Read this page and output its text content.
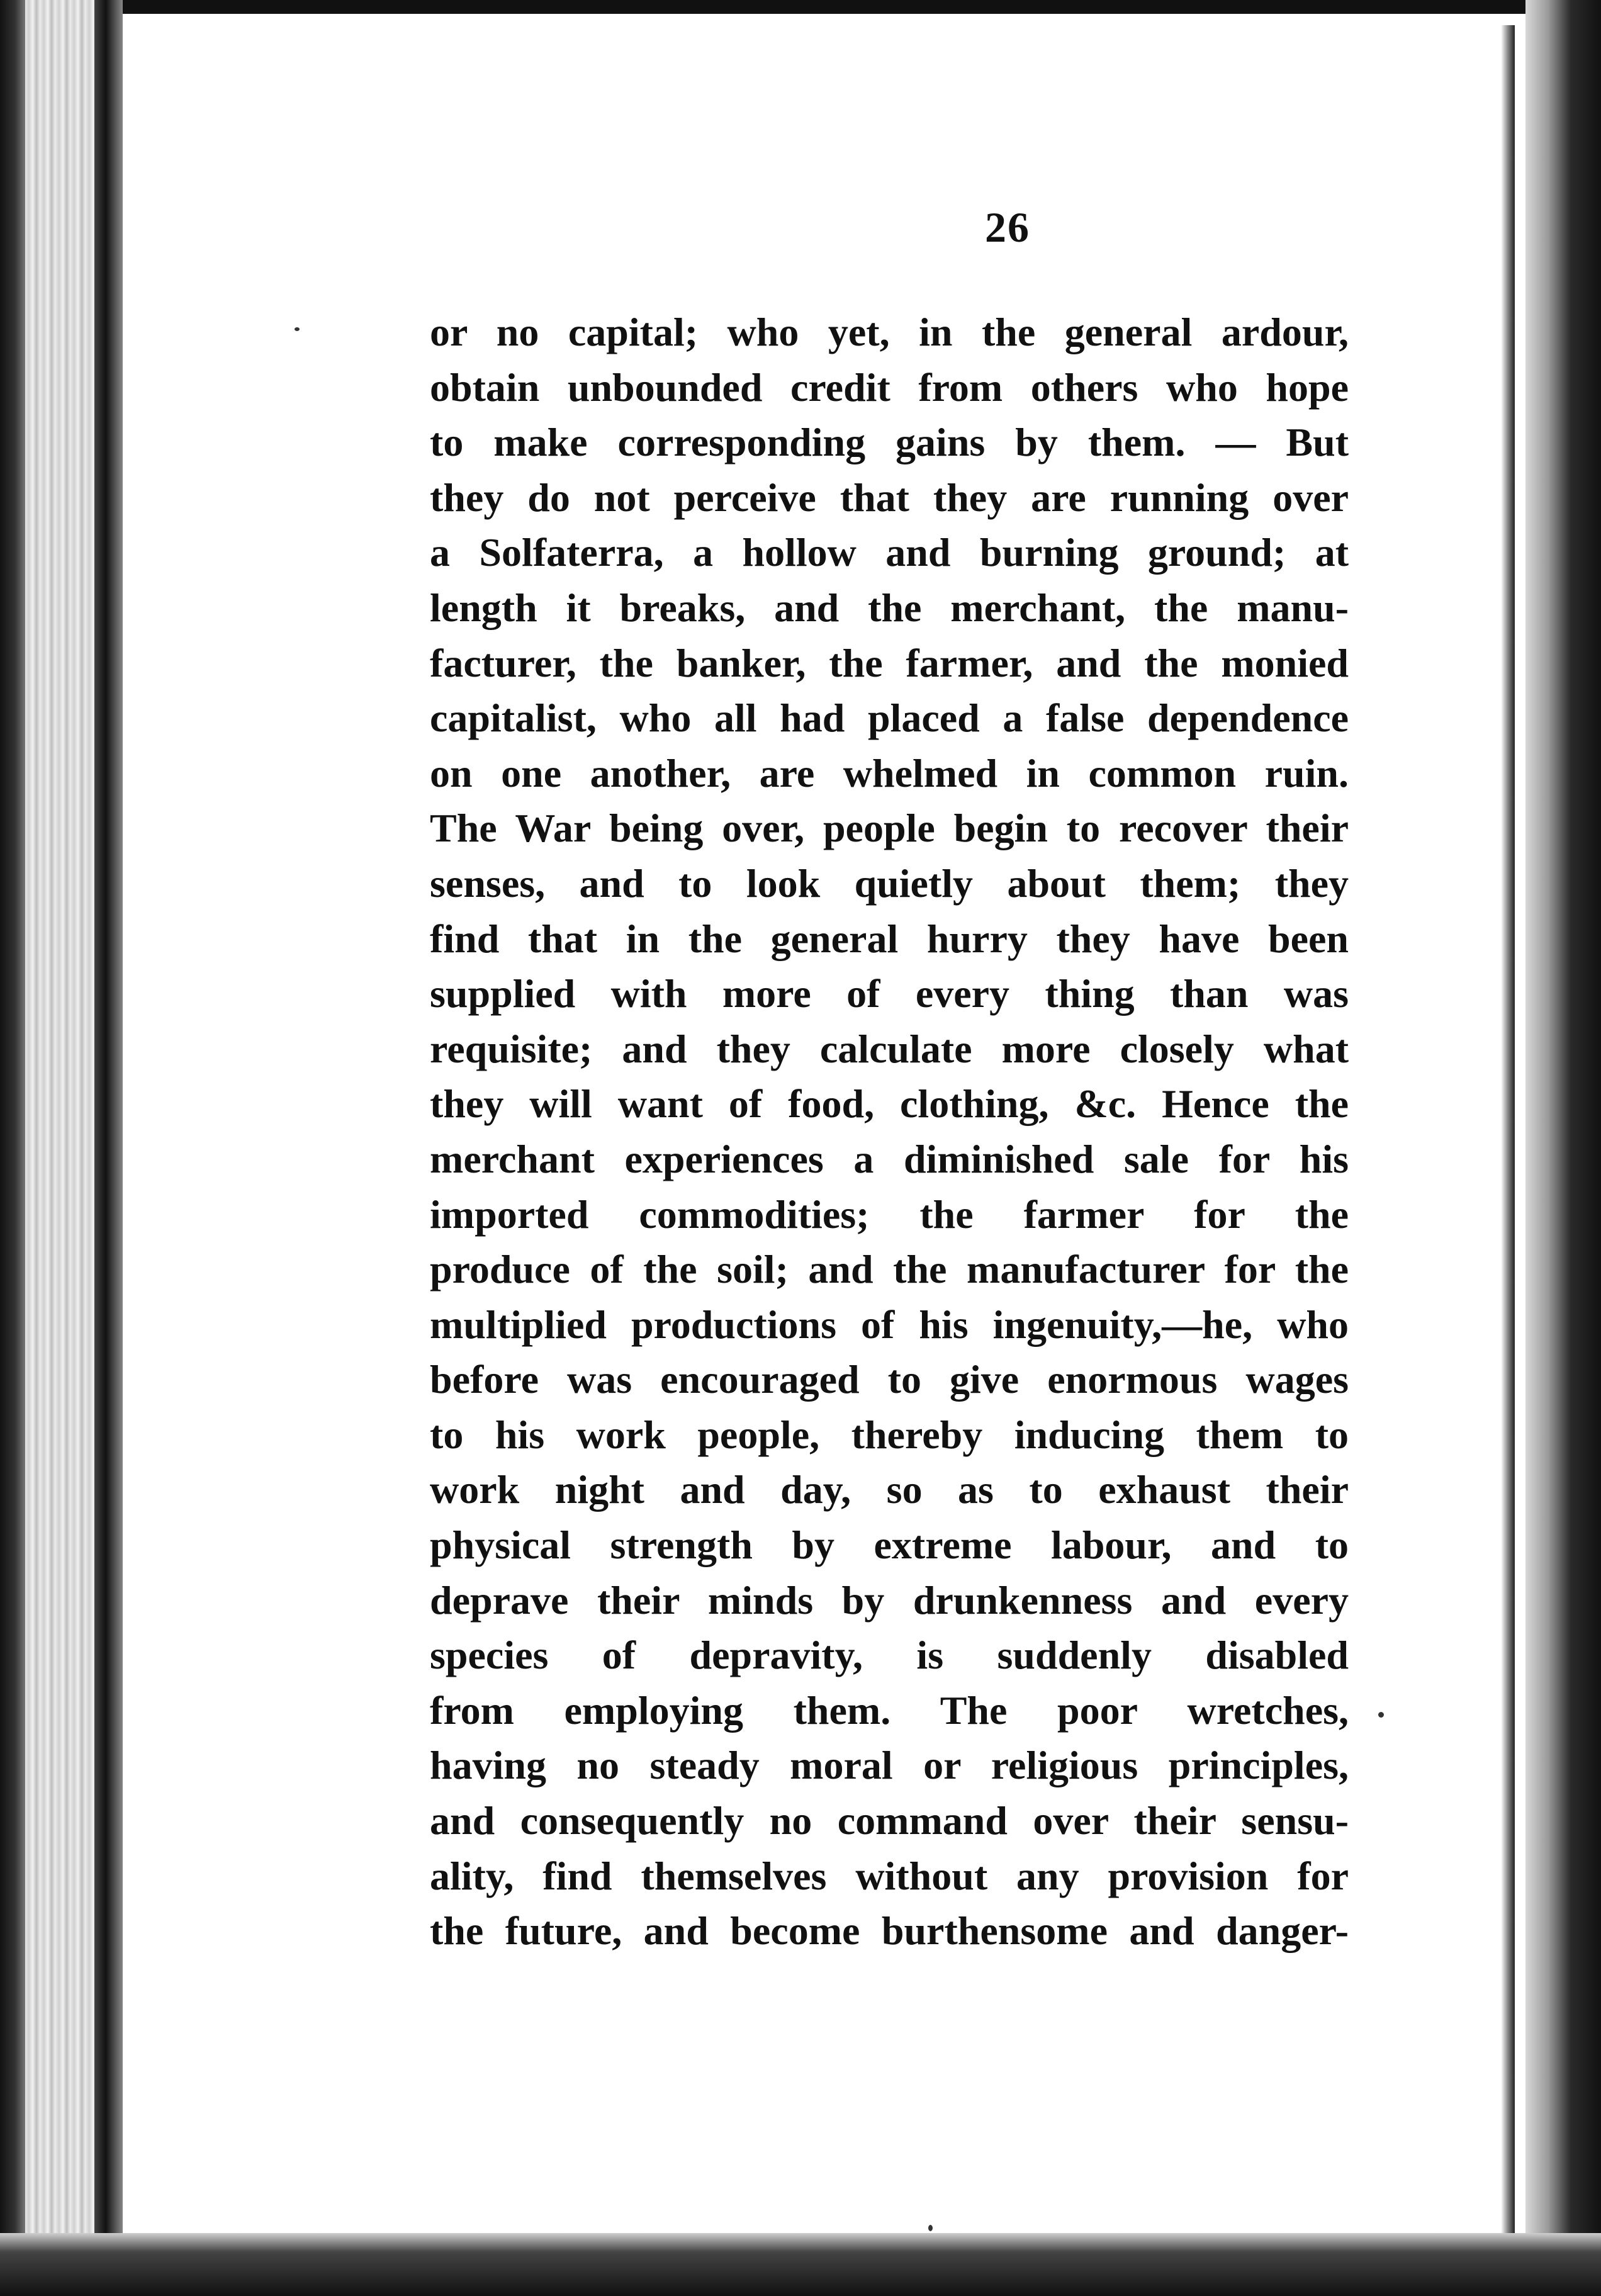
26
or no capital; who yet, in the general ardour,
obtain unbounded credit from others who hope
to make corresponding gains by them. — But
they do not perceive that they are running over
a Solfaterra, a hollow and burning ground; at
length it breaks, and the merchant, the manu-
facturer, the banker, the farmer, and the monied
capitalist, who all had placed a false dependence
on one another, are whelmed in common ruin.
The War being over, people begin to recover their
senses, and to look quietly about them; they
find that in the general hurry they have been
supplied with more of every thing than was
requisite; and they calculate more closely what
they will want of food, clothing, &c. Hence the
merchant experiences a diminished sale for his
imported commodities; the farmer for the
produce of the soil; and the manufacturer for the
multiplied productions of his ingenuity,—he, who
before was encouraged to give enormous wages
to his work people, thereby inducing them to
work night and day, so as to exhaust their
physical strength by extreme labour, and to
deprave their minds by drunkenness and every
species of depravity, is suddenly disabled
from employing them. The poor wretches,
having no steady moral or religious principles,
and consequently no command over their sensu-
ality, find themselves without any provision for
the future, and become burthensome and danger-
